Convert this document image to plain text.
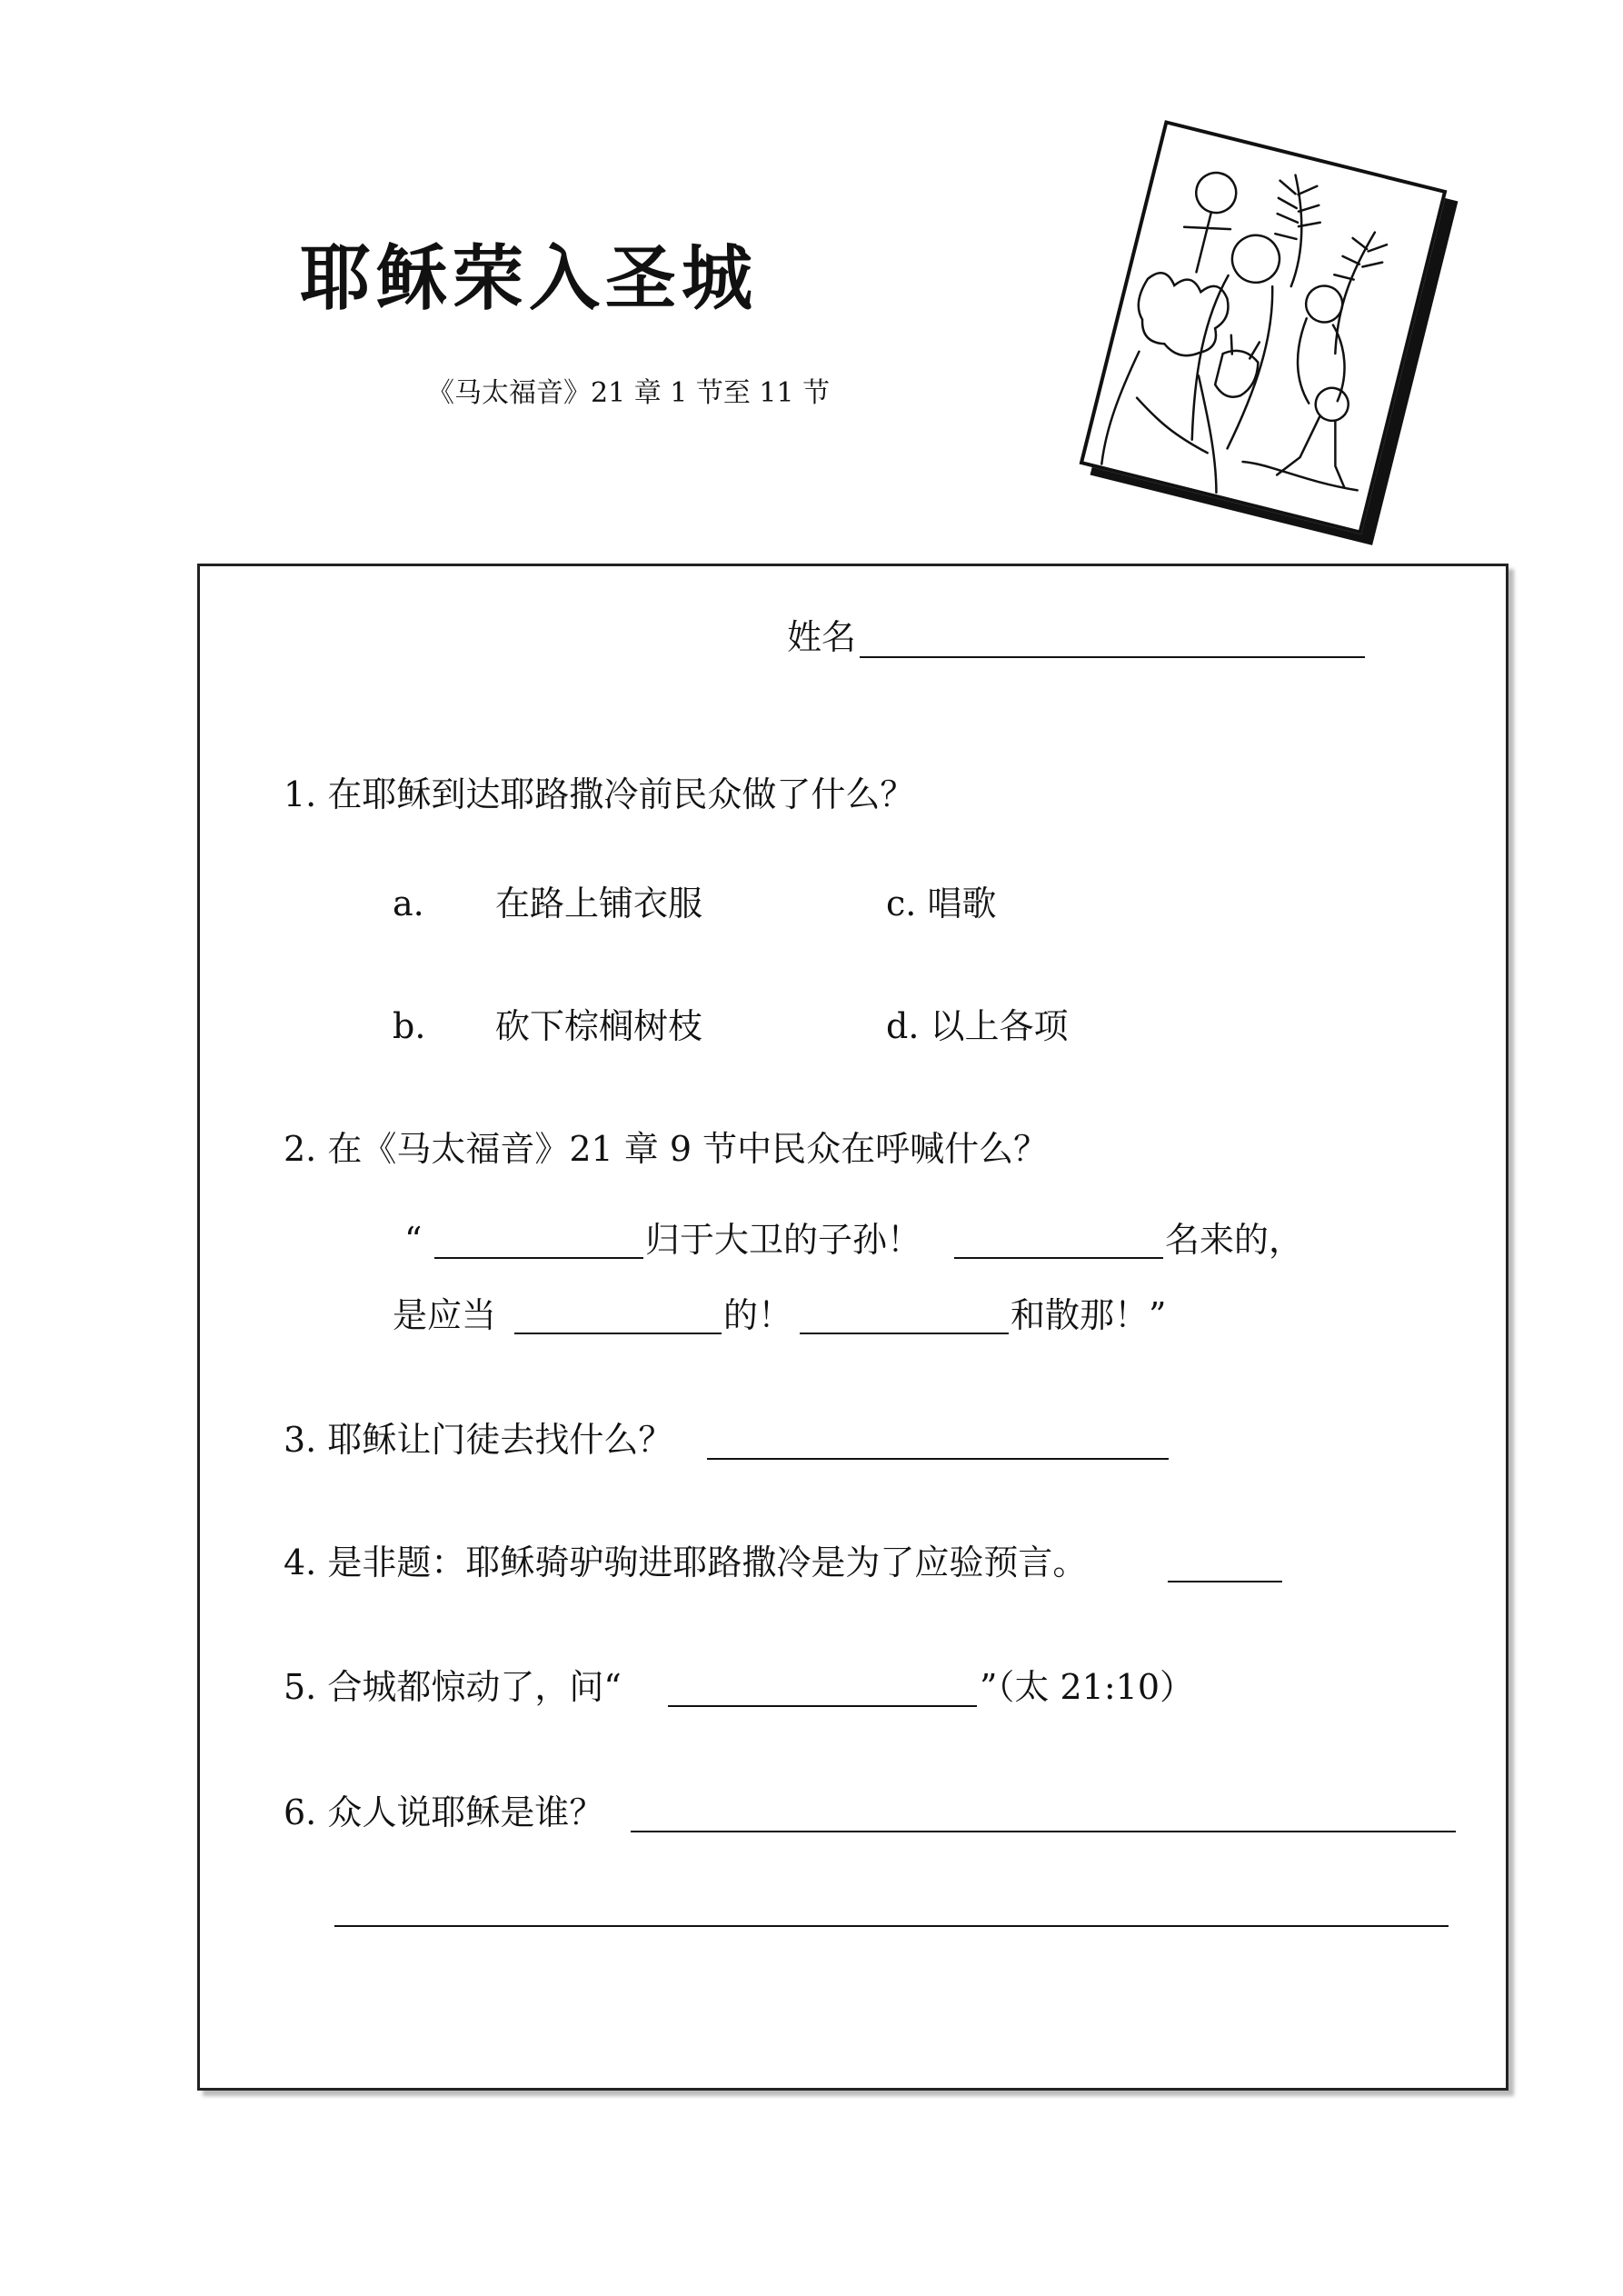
耶稣荣入圣城
《马太福音》21 章 1 节至 11 节
姓名
1. 在耶稣到达耶路撒冷前民众做了什么？
a. 在路上铺衣服	c. 唱歌
b. 砍下棕榈树枝	d. 以上各项
2. 在《马太福音》21 章 9 节中民众在呼喊什么？
“	归于大卫的子孙！	名来的，
是应当	的！	和散那！”
3. 耶稣让门徒去找什么？
4. 是非题：耶稣骑驴驹进耶路撒冷是为了应验预言。
5. 合城都惊动了，问“	”（太 21:10）
6. 众人说耶稣是谁？
